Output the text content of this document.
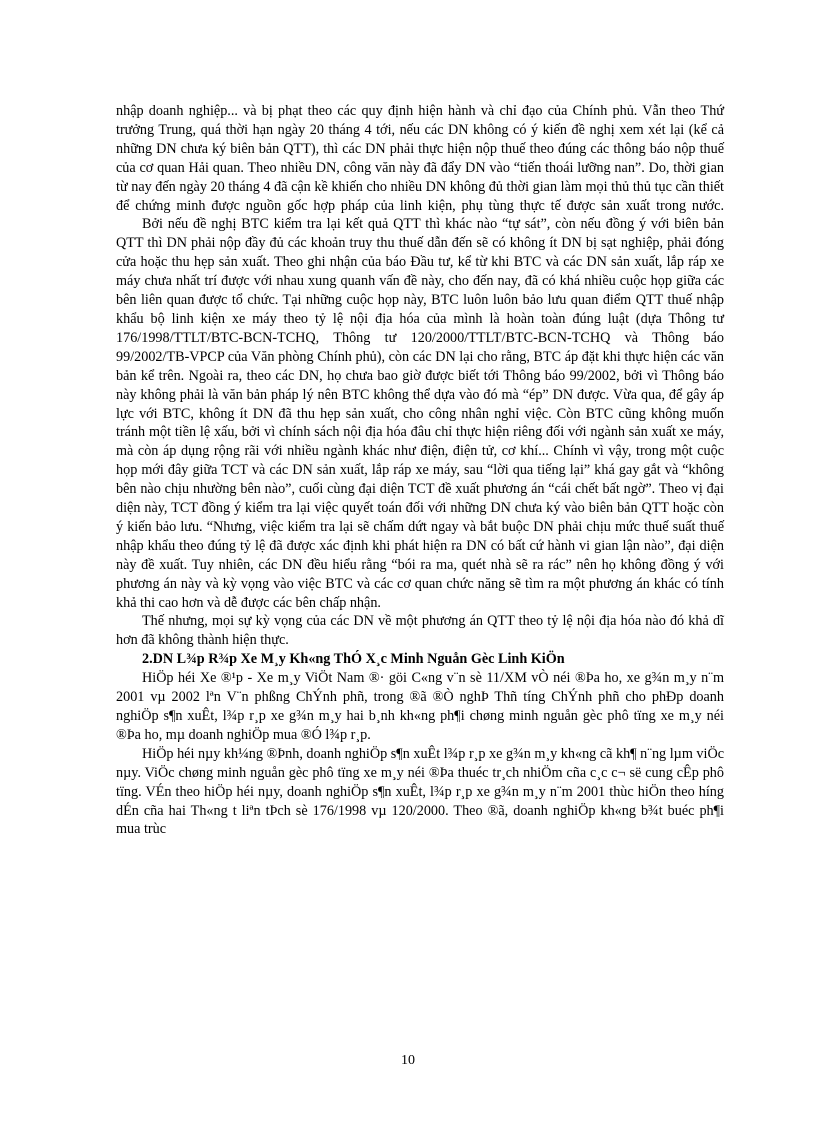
nhập doanh nghiệp... và bị phạt theo các quy định hiện hành và chỉ đạo của Chính phủ. Vẫn theo Thứ trưởng Trung, quá thời hạn ngày 20 tháng 4 tới, nếu các DN không có ý kiến đề nghị xem xét lại (kể cả những DN chưa ký biên bản QTT), thì các DN phải thực hiện nộp thuế theo đúng các thông báo nộp thuế của cơ quan Hải quan. Theo nhiều DN, công văn này đã đẩy DN vào “tiến thoái lưỡng nan”. Do, thời gian từ nay đến ngày 20 tháng 4 đã cận kề khiến cho nhiều DN không đủ thời gian làm mọi thủ thủ tục cần thiết để chứng minh được nguồn gốc hợp pháp của linh kiện, phụ tùng thực tế được sản xuất trong nước.

Bởi nếu đề nghị BTC kiểm tra lại kết quả QTT thì khác nào “tự sát”, còn nếu đồng ý với biên bản QTT thì DN phải nộp đầy đủ các khoản truy thu thuế dẫn đến sẽ có không ít DN bị sạt nghiệp, phải đóng cửa hoặc thu hẹp sản xuất. Theo ghi nhận của báo Đầu tư, kể từ khi BTC và các DN sản xuất, lắp ráp xe máy chưa nhất trí được với nhau xung quanh vấn đề này, cho đến nay, đã có khá nhiều cuộc họp giữa các bên liên quan được tổ chức. Tại những cuộc họp này, BTC luôn luôn bảo lưu quan điểm QTT thuế nhập khẩu bộ linh kiện xe máy theo tỷ lệ nội địa hóa của mình là hoàn toàn đúng luật (dựa Thông tư 176/1998/TTLT/BTC-BCN-TCHQ, Thông tư 120/2000/TTLT/BTC-BCN-TCHQ và Thông báo 99/2002/TB-VPCP của Văn phòng Chính phủ), còn các DN lại cho rằng, BTC áp đặt khi thực hiện các văn bản kể trên. Ngoài ra, theo các DN, họ chưa bao giờ được biết tới Thông báo 99/2002, bởi vì Thông báo này không phải là văn bản pháp lý nên BTC không thể dựa vào đó mà “ép” DN được. Vừa qua, để gây áp lực với BTC, không ít DN đã thu hẹp sản xuất, cho công nhân nghỉ việc. Còn BTC cũng không muốn tránh một tiền lệ xấu, bởi vì chính sách nội địa hóa đâu chỉ thực hiện riêng đối với ngành sản xuất xe máy, mà còn áp dụng rộng rãi với nhiều ngành khác như điện, điện tử, cơ khí... Chính vì vậy, trong một cuộc họp mới đây giữa TCT và các DN sản xuất, lắp ráp xe máy, sau “lời qua tiếng lại” khá gay gắt và “không bên nào chịu nhường bên nào”, cuối cùng đại diện TCT đề xuất phương án “cái chết bất ngờ”. Theo vị đại diện này, TCT đồng ý kiểm tra lại việc quyết toán đối với những DN chưa ký vào biên bản QTT hoặc còn ý kiến bảo lưu. “Nhưng, việc kiểm tra lại sẽ chấm dứt ngay và bắt buộc DN phải chịu mức thuế suất thuế nhập khẩu theo đúng tỷ lệ đã được xác định khi phát hiện ra DN có bất cứ hành vi gian lận nào”, đại diện này đề xuất. Tuy nhiên, các DN đều hiểu rằng “bói ra ma, quét nhà sẽ ra rác” nên họ không đồng ý với phương án này và kỳ vọng vào việc BTC và các cơ quan chức năng sẽ tìm ra một phương án khác có tính khả thi cao hơn và dễ được các bên chấp nhận.

Thế nhưng, mọi sự kỳ vọng của các DN về một phương án QTT theo tỷ lệ nội địa hóa nào đó khả dĩ hơn đã không thành hiện thực.

2.DN L¾p R¾p Xe M¸y Kh«ng ThÓ X¸c Minh Nguån Gèc Linh KiÖn

HiÖp héi Xe ®¹p - Xe m¸y ViÖt Nam ®· göi C«ng v¨n sè 11/XM vÒ néi ®Þa ho, xe g¾n m¸y n¨m 2001 vµ 2002 lªn V¨n phßng ChÝnh phñ, trong ®ã ®Ò nghÞ Thñ tíng ChÝnh phñ cho phÐp doanh nghiÖp s¶n xuÊt, l¾p r¸p xe g¾n m¸y hai b¸nh kh«ng ph¶i chøng minh nguån gèc phô tïng xe m¸y néi ®Þa ho, mµ doanh nghiÖp mua ®Ó l¾p r¸p.

HiÖp héi nµy kh¼ng ®Þnh, doanh nghiÖp s¶n xuÊt l¾p r¸p xe g¾n m¸y kh«ng cã kh¶ n¨ng lµm viÖc nµy. ViÖc chøng minh nguån gèc phô tïng xe m¸y néi ®Þa thuéc tr¸ch nhiÖm cña c¸c c¬ së cung cÊp phô tïng. VÉn theo hiÖp héi nµy, doanh nghiÖp s¶n xuÊt, l¾p r¸p xe g¾n m¸y n¨m 2001 thùc hiÖn theo híng dÉn cña hai Th«ng t liªn tÞch sè 176/1998 vµ 120/2000. Theo ®ã, doanh nghiÖp kh«ng b¾t buéc ph¶i mua trùc

10
